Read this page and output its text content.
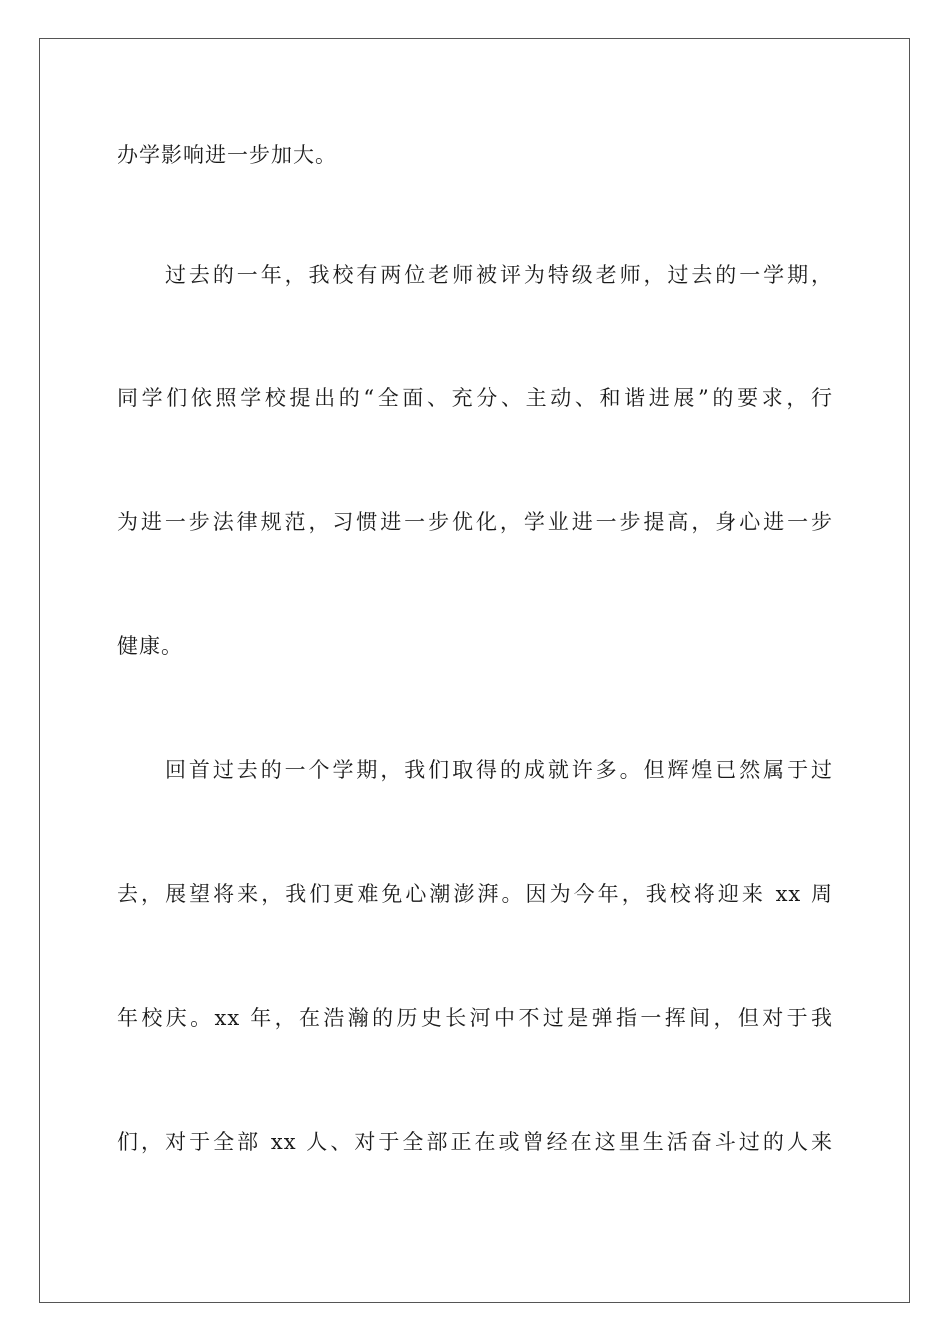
办学影响进一步加大。
过去的一年，我校有两位老师被评为特级老师，过去的一学期，
同学们依照学校提出的“全面、充分、主动、和谐进展”的要求，行
为进一步法律规范，习惯进一步优化，学业进一步提高，身心进一步
健康。
回首过去的一个学期，我们取得的成就许多。但辉煌已然属于过
去，展望将来，我们更难免心潮澎湃。因为今年，我校将迎来 xx 周
年校庆。xx 年，在浩瀚的历史长河中不过是弹指一挥间，但对于我
们，对于全部 xx 人、对于全部正在或曾经在这里生活奋斗过的人来
